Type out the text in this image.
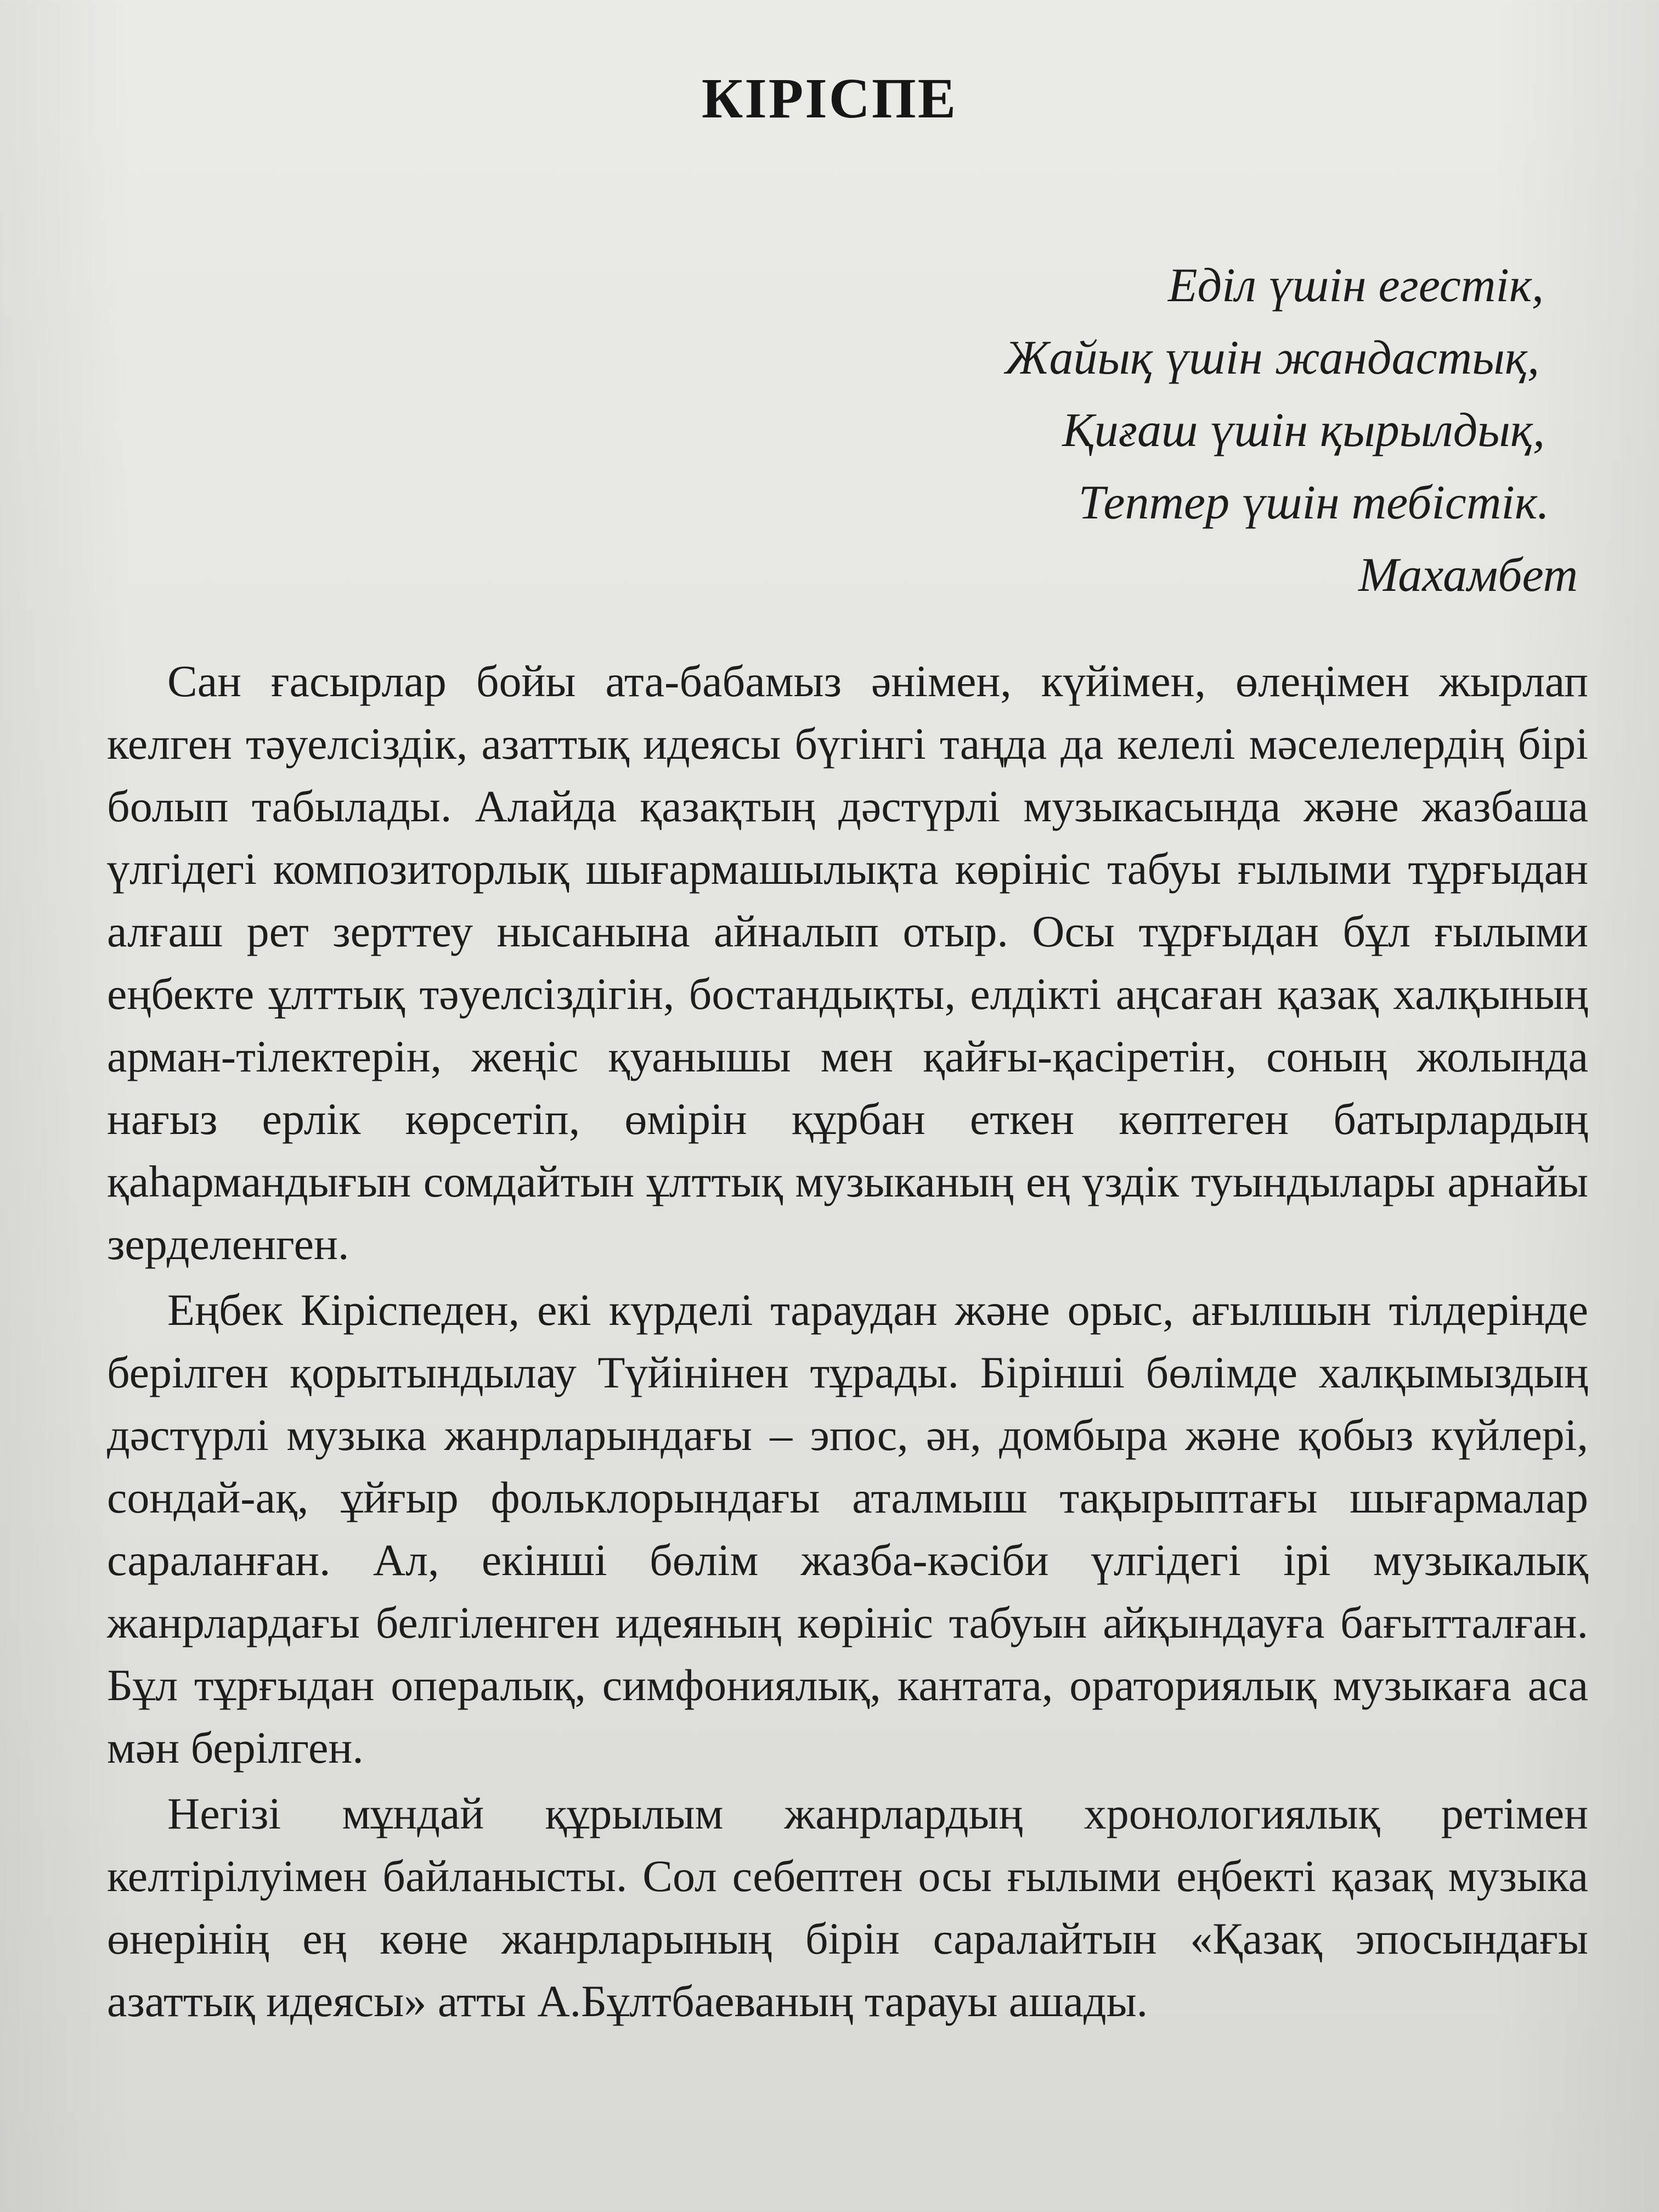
КІРІСПЕ
Еділ үшін егестік,
Жайық үшін жандастық,
Қиғаш үшін қырылдық,
Тептер үшін тебістік.
Махамбет

Сан ғасырлар бойы ата-бабамыз әнімен, күйімен, өлеңімен жырлап келген тәуелсіздік, азаттық идеясы бүгінгі таңда да келелі мәселелердің бірі болып табылады. Алайда қазақтың дәстүрлі музыкасында және жазбаша үлгідегі композиторлық шығармашылықта көрініс табуы ғылыми тұрғыдан алғаш рет зерттеу нысанына айналып отыр. Осы тұрғыдан бұл ғылыми еңбекте ұлттық тәуелсіздігін, бостандықты, елдікті аңсаған қазақ халқының арман-тілектерін, жеңіс қуанышы мен қайғы-қасіретін, соның жолында нағыз ерлік көрсетіп, өмірін құрбан еткен көптеген батырлардың қаһармандығын сомдайтын ұлттық музыканың ең үздік туындылары арнайы зерделенген.

Еңбек Кіріспеден, екі күрделі тараудан және орыс, ағылшын тілдерінде берілген қорытындылау Түйінінен тұрады. Бірінші бөлімде халқымыздың дәстүрлі музыка жанрларындағы – эпос, ән, домбыра және қобыз күйлері, сондай-ақ, ұйғыр фольклорындағы аталмыш тақырыптағы шығармалар сараланған. Ал, екінші бөлім жазба-кәсіби үлгідегі ірі музыкалық жанрлардағы белгіленген идеяның көрініс табуын айқындауға бағытталған. Бұл тұрғыдан опералық, симфониялық, кантата, ораториялық музыкаға аса мән берілген.

Негізі мұндай құрылым жанрлардың хронологиялық ретімен келтірілуімен байланысты. Сол себептен осы ғылыми еңбекті қазақ музыка өнерінің ең көне жанрларының бірін саралайтын «Қазақ эпосындағы азаттық идеясы» атты А.Бұлтбаеваның тарауы ашады.
